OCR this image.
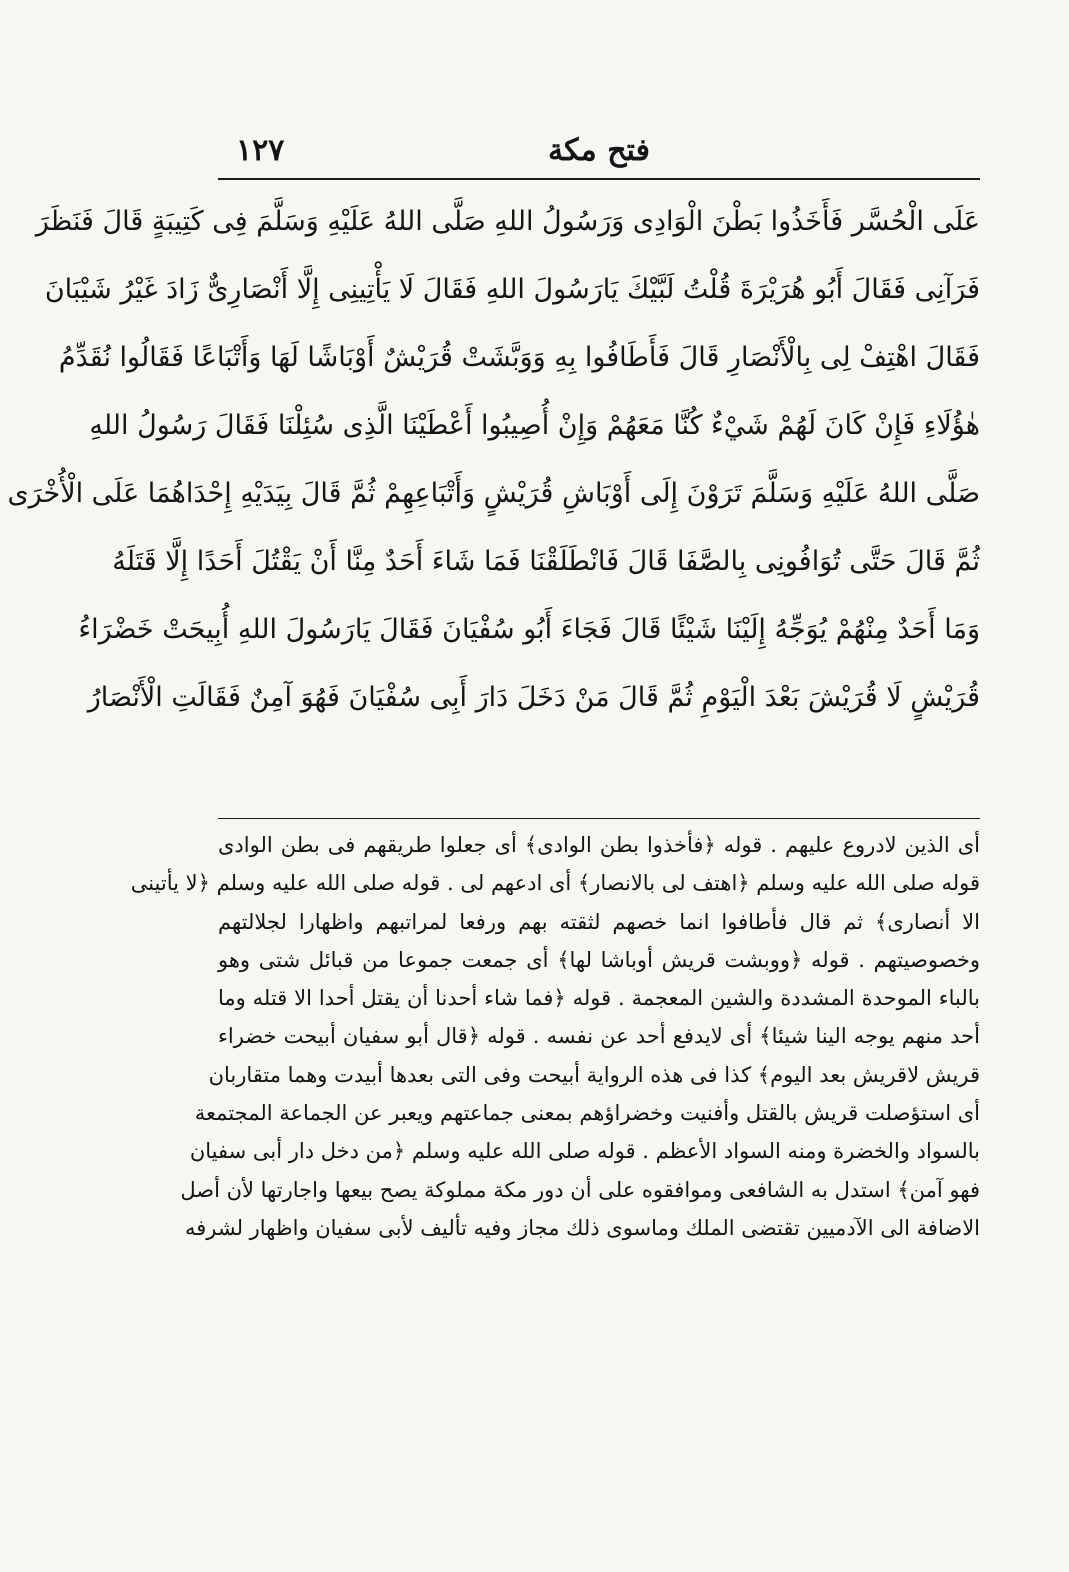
فتح مكة
١٢٧
عَلَى الْحُسَّر فَأَخَذُوا بَطْنَ الْوَادِى وَرَسُولُ اللهِ صَلَّى اللهُ عَلَيْهِ وَسَلَّمَ فِى كَتِيبَةٍ قَالَ فَنَظَرَ
فَرَآنِى فَقَالَ أَبُو هُرَيْرَةَ قُلْتُ لَبَّيْكَ يَارَسُولَ اللهِ فَقَالَ لَا يَأْتِينِى إِلَّا أَنْصَارِىٌّ زَادَ غَيْرُ شَيْبَانَ
فَقَالَ اهْتِفْ لِى بِالْأَنْصَارِ قَالَ فَأَطَافُوا بِهِ وَوَبَّشَتْ قُرَيْشٌ أَوْبَاشًا لَهَا وَأَتْبَاعًا فَقَالُوا نُقَدِّمُ
هٰؤُلَاءِ فَإِنْ كَانَ لَهُمْ شَيْءٌ كُنَّا مَعَهُمْ وَإِنْ أُصِيبُوا أَعْطَيْنَا الَّذِى سُئِلْنَا فَقَالَ رَسُولُ اللهِ
صَلَّى اللهُ عَلَيْهِ وَسَلَّمَ تَرَوْنَ إِلَى أَوْبَاشِ قُرَيْشٍ وَأَتْبَاعِهِمْ ثُمَّ قَالَ بِيَدَيْهِ إِحْدَاهُمَا عَلَى الْأُخْرَى
ثُمَّ قَالَ حَتَّى تُوَافُونِى بِالصَّفَا قَالَ فَانْطَلَقْنَا فَمَا شَاءَ أَحَدٌ مِنَّا أَنْ يَقْتُلَ أَحَدًا إِلَّا قَتَلَهُ
وَمَا أَحَدٌ مِنْهُمْ يُوَجِّهُ إِلَيْنَا شَيْئًا قَالَ فَجَاءَ أَبُو سُفْيَانَ فَقَالَ يَارَسُولَ اللهِ أُبِيحَتْ خَضْرَاءُ
قُرَيْشٍ لَا قُرَيْشَ بَعْدَ الْيَوْمِ ثُمَّ قَالَ مَنْ دَخَلَ دَارَ أَبِى سُفْيَانَ فَهُوَ آمِنٌ فَقَالَتِ الْأَنْصَارُ
أى الذين لادروع عليهم . قوله ﴿فأخذوا بطن الوادى﴾ أى جعلوا طريقهم فى بطن الوادى
قوله صلى الله عليه وسلم ﴿اهتف لى بالانصار﴾ أى ادعهم لى . قوله صلى الله عليه وسلم ﴿لا يأتينى
الا أنصارى﴾ ثم قال فأطافوا انما خصهم لثقته بهم ورفعا لمراتبهم واظهارا لجلالتهم
وخصوصيتهم . قوله ﴿ووبشت قريش أوباشا لها﴾ أى جمعت جموعا من قبائل شتى وهو
بالباء الموحدة المشددة والشين المعجمة . قوله ﴿فما شاء أحدنا أن يقتل أحدا الا قتله وما
أحد منهم يوجه الينا شيئا﴾ أى لايدفع أحد عن نفسه . قوله ﴿قال أبو سفيان أبيحت خضراء
قريش لاقريش بعد اليوم﴾ كذا فى هذه الرواية أبيحت وفى التى بعدها أبيدت وهما متقاربان
أى استؤصلت قريش بالقتل وأفنيت وخضراؤهم بمعنى جماعتهم ويعبر عن الجماعة المجتمعة
بالسواد والخضرة ومنه السواد الأعظم . قوله صلى الله عليه وسلم ﴿من دخل دار أبى سفيان
فهو آمن﴾ استدل به الشافعى وموافقوه على أن دور مكة مملوكة يصح بيعها واجارتها لأن أصل
الاضافة الى الآدميين تقتضى الملك وماسوى ذلك مجاز وفيه تأليف لأبى سفيان واظهار لشرفه
